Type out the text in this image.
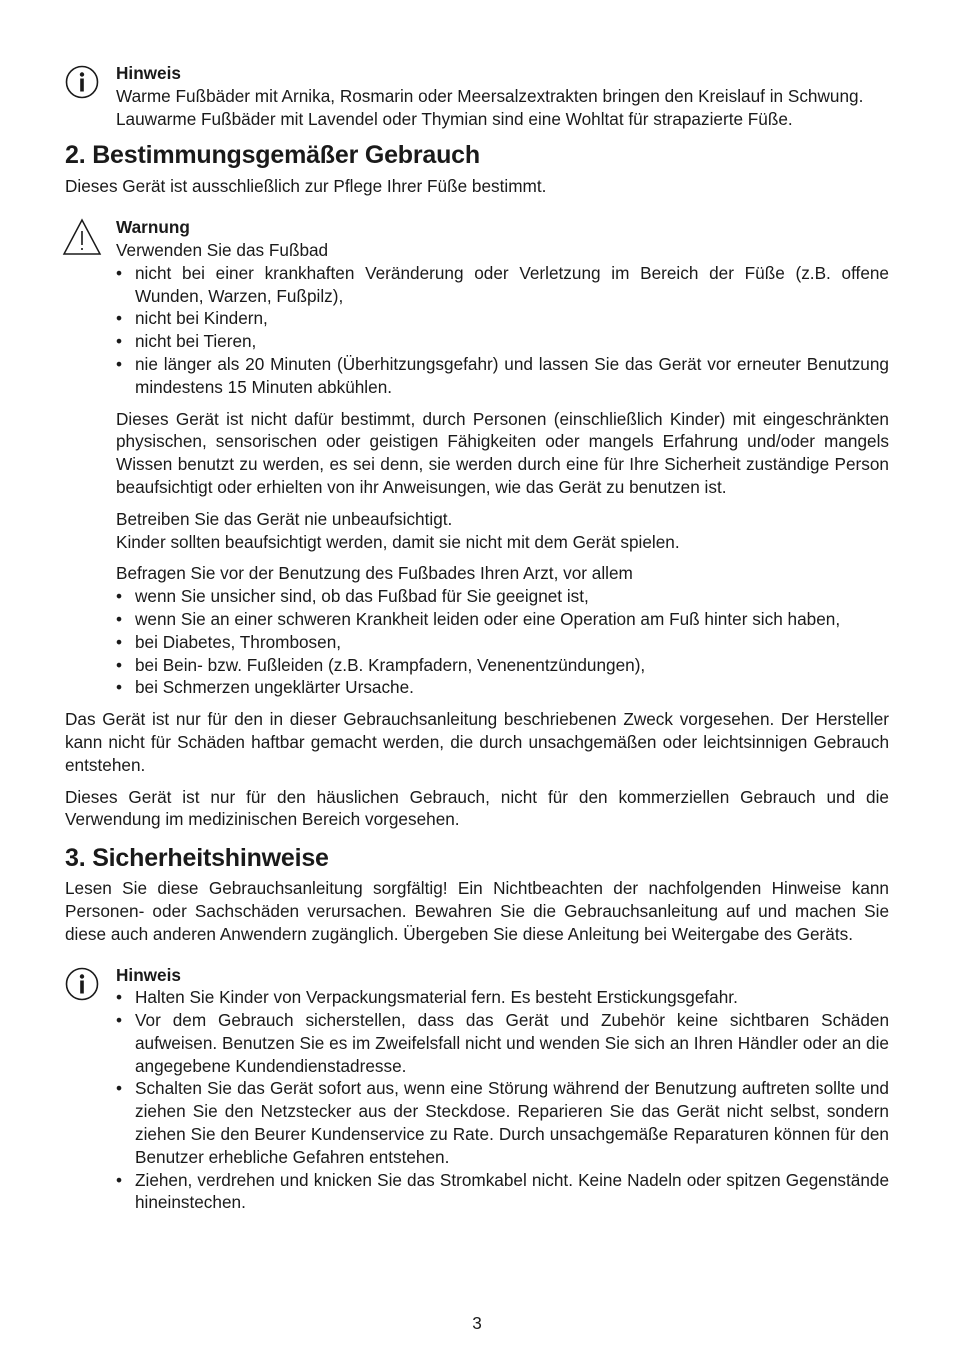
Hinweis

Warme Fußbäder mit Arnika, Rosmarin oder Meersalzextrakten bringen den Kreislauf in Schwung.

Lauwarme Fußbäder mit Lavendel oder Thymian sind eine Wohltat für strapazierte Füße.

2. Bestimmungsgemäßer Gebrauch

Dieses Gerät ist ausschließlich zur Pflege Ihrer Füße bestimmt.

Warnung

Verwenden Sie das Fußbad

• nicht bei einer krankhaften Veränderung oder Verletzung im Bereich der Füße (z.B. offene Wunden, Warzen, Fußpilz),
• nicht bei Kindern,
• nicht bei Tieren,
• nie länger als 20 Minuten (Überhitzungsgefahr) und lassen Sie das Gerät vor erneuter Benutzung mindestens 15 Minuten abkühlen.

Dieses Gerät ist nicht dafür bestimmt, durch Personen (einschließlich Kinder) mit eingeschränkten physischen, sensorischen oder geistigen Fähigkeiten oder mangels Erfahrung und/oder mangels Wissen benutzt zu werden, es sei denn, sie werden durch eine für Ihre Sicherheit zuständige Person beaufsichtigt oder erhielten von ihr Anweisungen, wie das Gerät zu benutzen ist.

Betreiben Sie das Gerät nie unbeaufsichtigt.

Kinder sollten beaufsichtigt werden, damit sie nicht mit dem Gerät spielen.

Befragen Sie vor der Benutzung des Fußbades Ihren Arzt, vor allem

• wenn Sie unsicher sind, ob das Fußbad für Sie geeignet ist,
• wenn Sie an einer schweren Krankheit leiden oder eine Operation am Fuß hinter sich haben,
• bei Diabetes, Thrombosen,
• bei Bein- bzw. Fußleiden (z.B. Krampfadern, Venenentzündungen),
• bei Schmerzen ungeklärter Ursache.

Das Gerät ist nur für den in dieser Gebrauchsanleitung beschriebenen Zweck vorgesehen. Der Hersteller kann nicht für Schäden haftbar gemacht werden, die durch unsachgemäßen oder leichtsinnigen Gebrauch entstehen.

Dieses Gerät ist nur für den häuslichen Gebrauch, nicht für den kommerziellen Gebrauch und die Verwendung im medizinischen Bereich vorgesehen.

3. Sicherheitshinweise

Lesen Sie diese Gebrauchsanleitung sorgfältig! Ein Nichtbeachten der nachfolgenden Hinweise kann Personen- oder Sachschäden verursachen. Bewahren Sie die Gebrauchsanleitung auf und machen Sie diese auch anderen Anwendern zugänglich. Übergeben Sie diese Anleitung bei Weitergabe des Geräts.

Hinweis
• Halten Sie Kinder von Verpackungsmaterial fern. Es besteht Erstickungsgefahr.
• Vor dem Gebrauch sicherstellen, dass das Gerät und Zubehör keine sichtbaren Schäden aufweisen. Benutzen Sie es im Zweifelsfall nicht und wenden Sie sich an Ihren Händler oder an die angegebene Kundendienstadresse.
• Schalten Sie das Gerät sofort aus, wenn eine Störung während der Benutzung auftreten sollte und ziehen Sie den Netzstecker aus der Steckdose. Reparieren Sie das Gerät nicht selbst, sondern ziehen Sie den Beurer Kundenservice zu Rate. Durch unsachgemäße Reparaturen können für den Benutzer erhebliche Gefahren entstehen.
• Ziehen, verdrehen und knicken Sie das Stromkabel nicht. Keine Nadeln oder spitzen Gegenstände hineinstechen.
3
